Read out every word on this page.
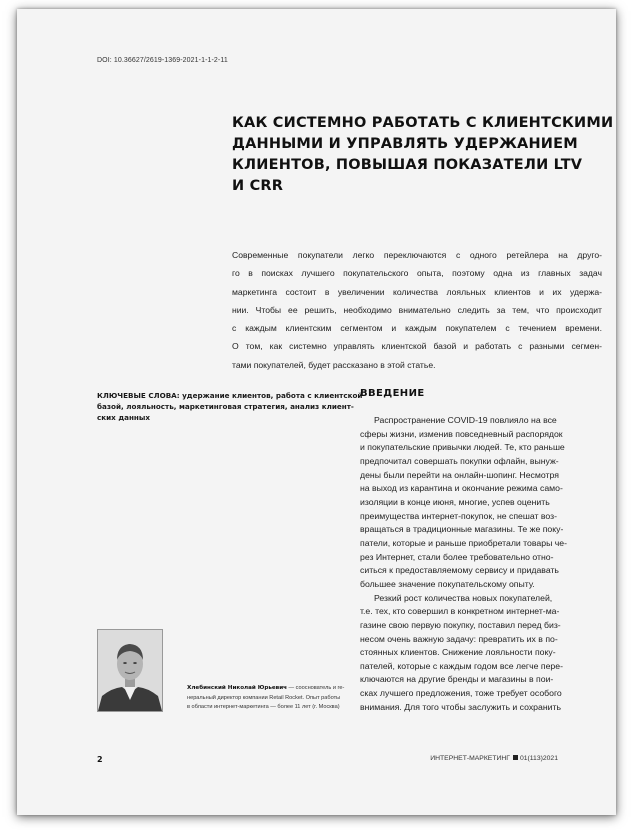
DOI: 10.36627/2619-1369-2021-1-1-2-11
КАК СИСТЕМНО РАБОТАТЬ С КЛИЕНТСКИМИ
ДАННЫМИ И УПРАВЛЯТЬ УДЕРЖАНИЕМ
КЛИЕНТОВ, ПОВЫШАЯ ПОКАЗАТЕЛИ LTV
И CRR
Современные покупатели легко переключаются с одного ретейлера на друго-
го в поисках лучшего покупательского опыта, поэтому одна из главных задач
маркетинга состоит в увеличении количества лояльных клиентов и их удержа-
нии. Чтобы ее решить, необходимо внимательно следить за тем, что происходит
с каждым клиентским сегментом и каждым покупателем с течением времени.
О том, как системно управлять клиентской базой и работать с разными сегмен-
тами покупателей, будет рассказано в этой статье.
КЛЮЧЕВЫЕ СЛОВА: удержание клиентов, работа с клиентской
базой, лояльность, маркетинговая стратегия, анализ клиент-
ских данных
ВВЕДЕНИЕ
Распространение COVID-19 повлияло на все
сферы жизни, изменив повседневный распорядок
и покупательские привычки людей. Те, кто раньше
предпочитал совершать покупки офлайн, вынуж-
дены были перейти на онлайн-шопинг. Несмотря
на выход из карантина и окончание режима само-
изоляции в конце июня, многие, успев оценить
преимущества интернет-покупок, не спешат воз-
вращаться в традиционные магазины. Те же поку-
патели, которые и раньше приобретали товары че-
рез Интернет, стали более требовательно отно-
ситься к предоставляемому сервису и придавать
большее значение покупательскому опыту.
Резкий рост количества новых покупателей,
т.е. тех, кто совершил в конкретном интернет-ма-
газине свою первую покупку, поставил перед биз-
несом очень важную задачу: превратить их в по-
стоянных клиентов. Снижение лояльности поку-
пателей, которые с каждым годом все легче пере-
ключаются на другие бренды и магазины в пои-
сках лучшего предложения, тоже требует особого
внимания. Для того чтобы заслужить и сохранить
Хлебинский Николай Юрьевич — сооснователь и ге-
неральный директор компании Retail Rocket. Опыт работы
в области интернет-маркетинга — более 11 лет (г. Москва)
2	ИНТЕРНЕТ-МАРКЕТИНГ 01(113)2021
